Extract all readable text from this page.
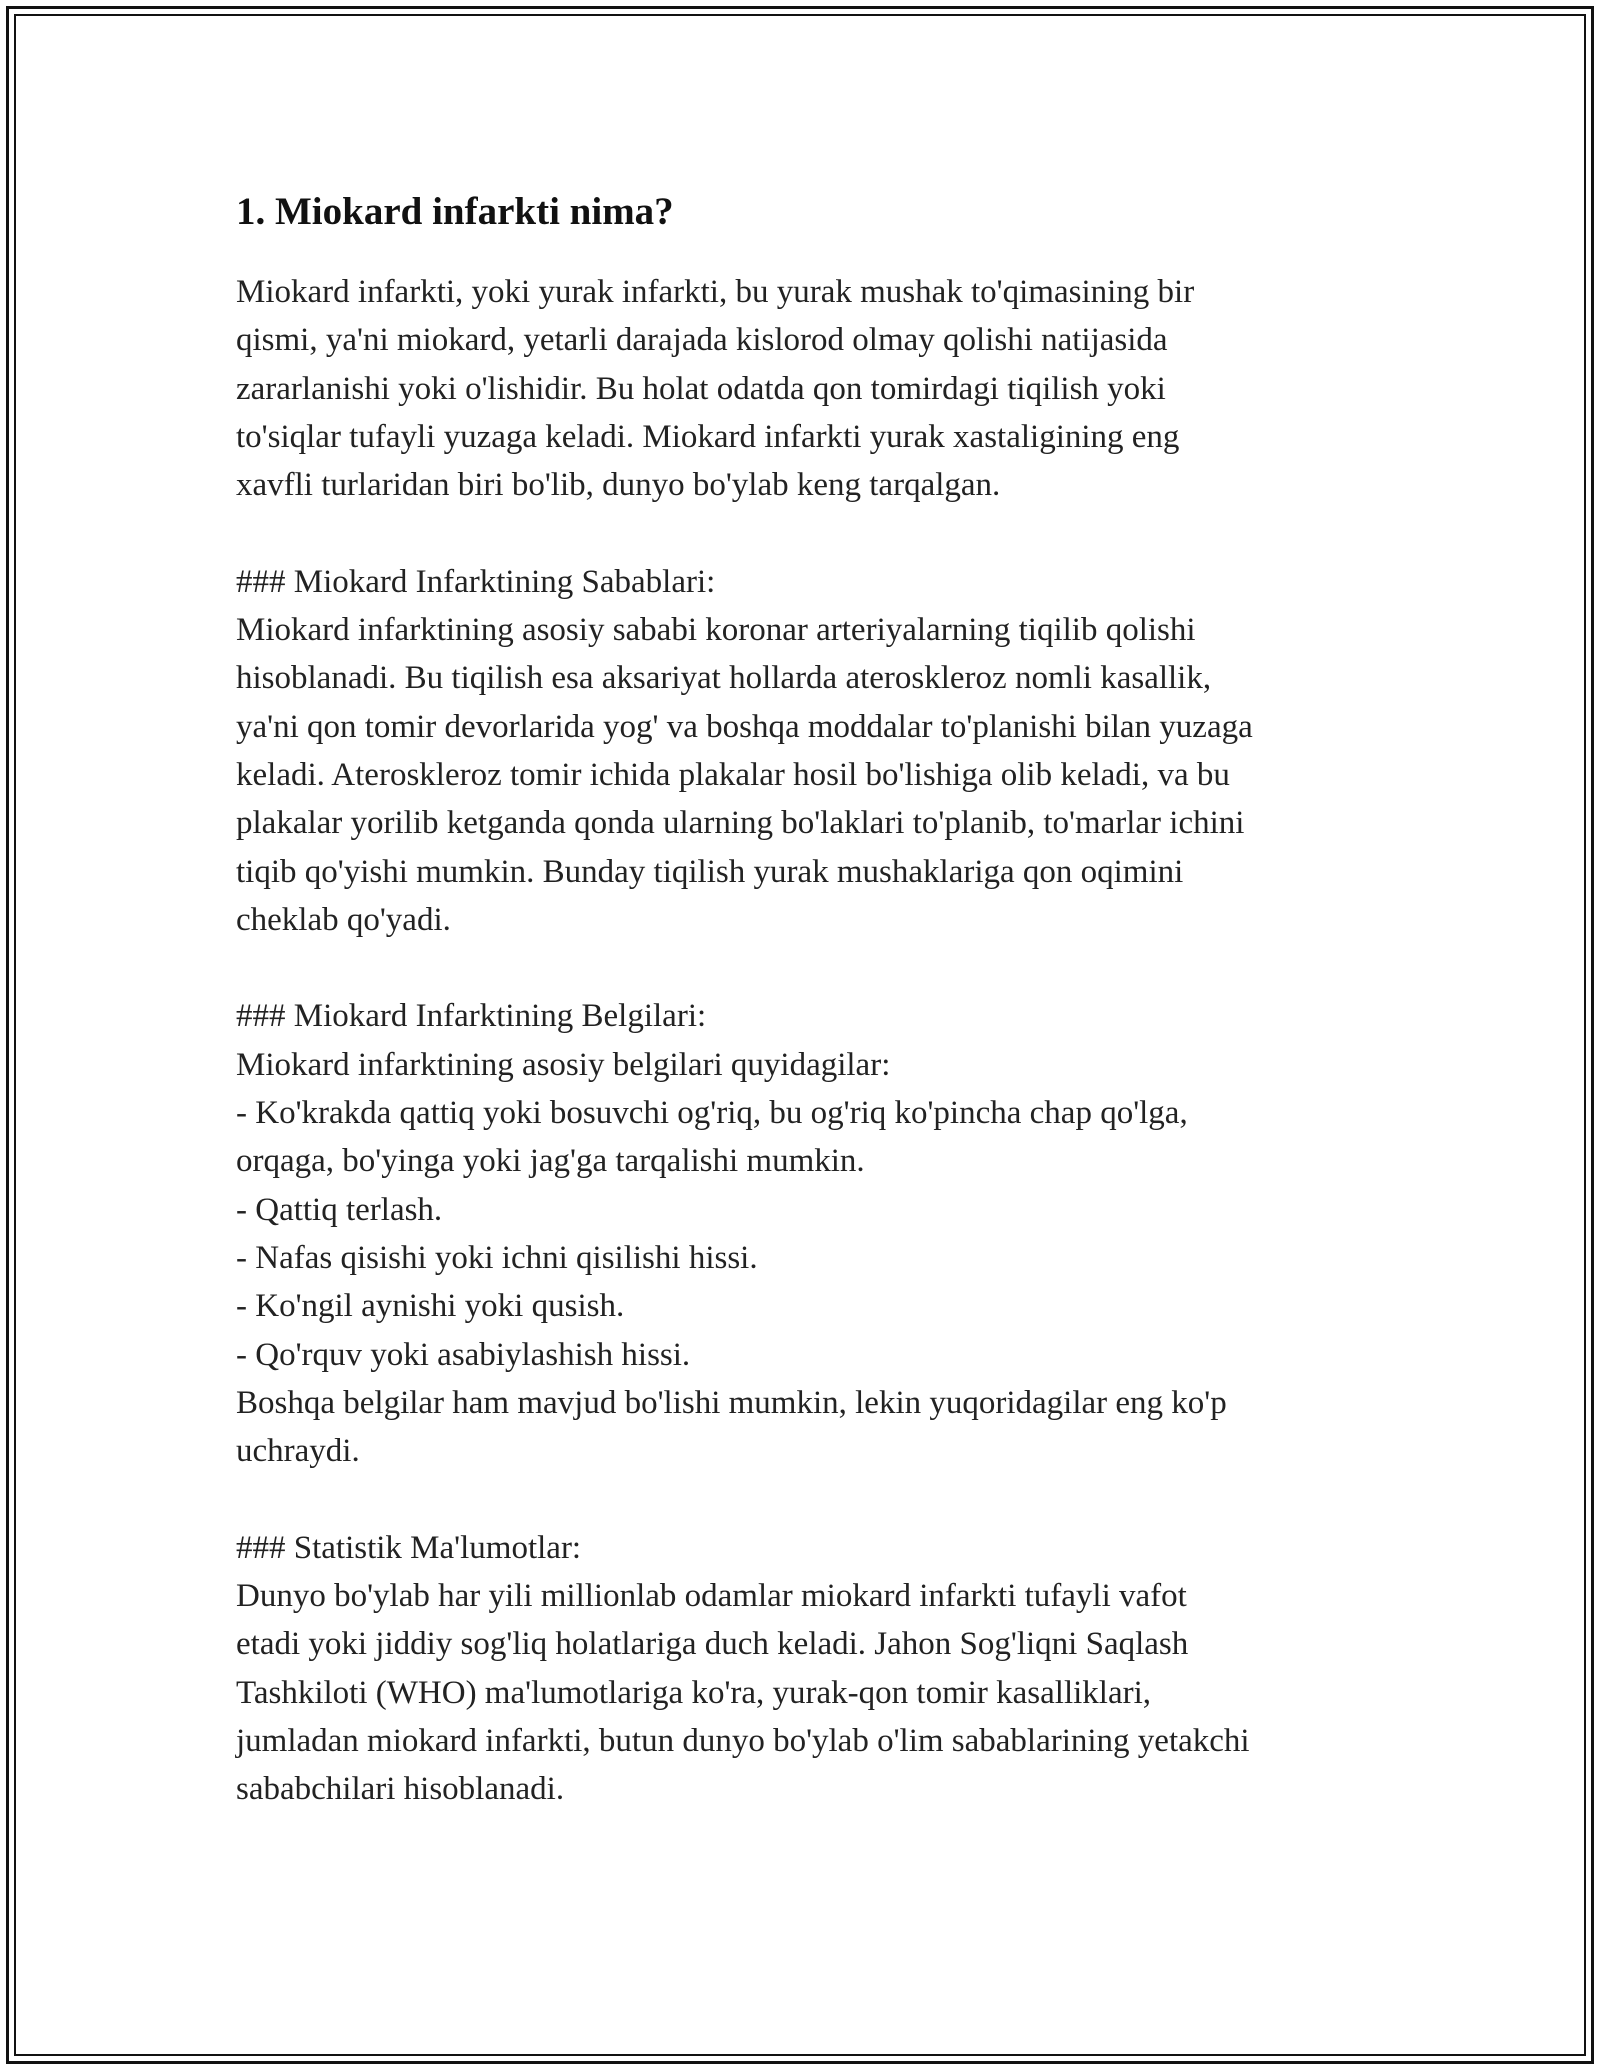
1. Miokard infarkti nima?

Miokard infarkti, yoki yurak infarkti, bu yurak mushak to'qimasining bir
qismi, ya'ni miokard, yetarli darajada kislorod olmay qolishi natijasida
zararlanishi yoki o'lishidir. Bu holat odatda qon tomirdagi tiqilish yoki
to'siqlar tufayli yuzaga keladi. Miokard infarkti yurak xastaligining eng
xavfli turlaridan biri bo'lib, dunyo bo'ylab keng tarqalgan.

### Miokard Infarktining Sabablari:

Miokard infarktining asosiy sababi koronar arteriyalarning tiqilib qolishi
hisoblanadi. Bu tiqilish esa aksariyat hollarda ateroskleroz nomli kasallik,
ya'ni qon tomir devorlarida yog' va boshqa moddalar to'planishi bilan yuzaga
keladi. Ateroskleroz tomir ichida plakalar hosil bo'lishiga olib keladi, va bu
plakalar yorilib ketganda qonda ularning bo'laklari to'planib, to'marlar ichini
tiqib qo'yishi mumkin. Bunday tiqilish yurak mushaklariga qon oqimini
cheklab qo'yadi.

### Miokard Infarktining Belgilari:

Miokard infarktining asosiy belgilari quyidagilar:
- Ko'krakda qattiq yoki bosuvchi og'riq, bu og'riq ko'pincha chap qo'lga,
orqaga, bo'yinga yoki jag'ga tarqalishi mumkin.
- Qattiq terlash.
- Nafas qisishi yoki ichni qisilishi hissi.
- Ko'ngil aynishi yoki qusish.
- Qo'rquv yoki asabiylashish hissi.
Boshqa belgilar ham mavjud bo'lishi mumkin, lekin yuqoridagilar eng ko'p
uchraydi.

### Statistik Ma'lumotlar:

Dunyo bo'ylab har yili millionlab odamlar miokard infarkti tufayli vafot
etadi yoki jiddiy sog'liq holatlariga duch keladi. Jahon Sog'liqni Saqlash
Tashkiloti (WHO) ma'lumotlariga ko'ra, yurak-qon tomir kasalliklari,
jumladan miokard infarkti, butun dunyo bo'ylab o'lim sabablarining yetakchi
sababchilari hisoblanadi.
